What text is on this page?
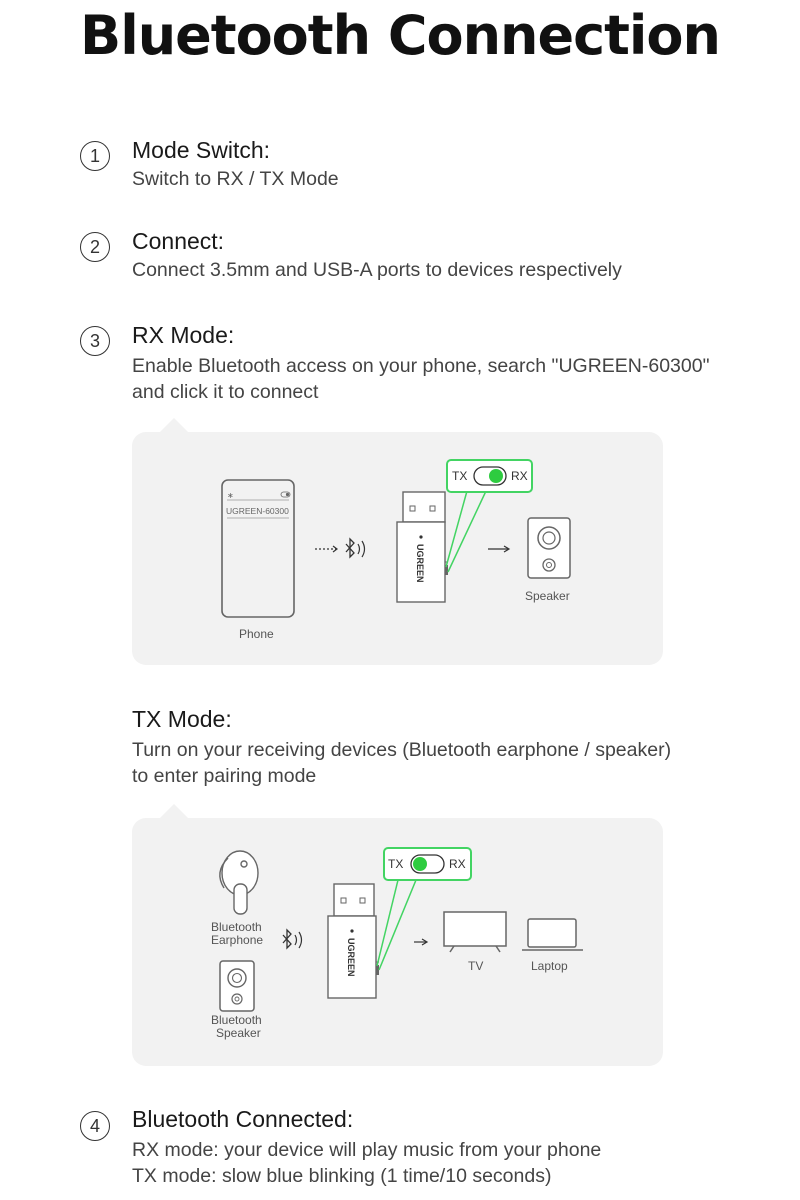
Bluetooth Connection
1	Mode Switch:
Switch to RX / TX Mode
2	Connect:
Connect 3.5mm and USB-A ports to devices respectively
3	RX Mode:
Enable Bluetooth access on your phone, search "UGREEN-60300"
and click it to connect
∗
UGREEN-60300
Phone
UGREEN
TX	RX
Speaker
TX Mode:
Turn on your receiving devices (Bluetooth earphone / speaker)
to enter pairing mode
Bluetooth
Earphone
Bluetooth
Speaker
UGREEN
TX	RX
TV	Laptop
4	Bluetooth Connected:
RX mode: your device will play music from your phone
TX mode: slow blue blinking (1 time/10 seconds)
